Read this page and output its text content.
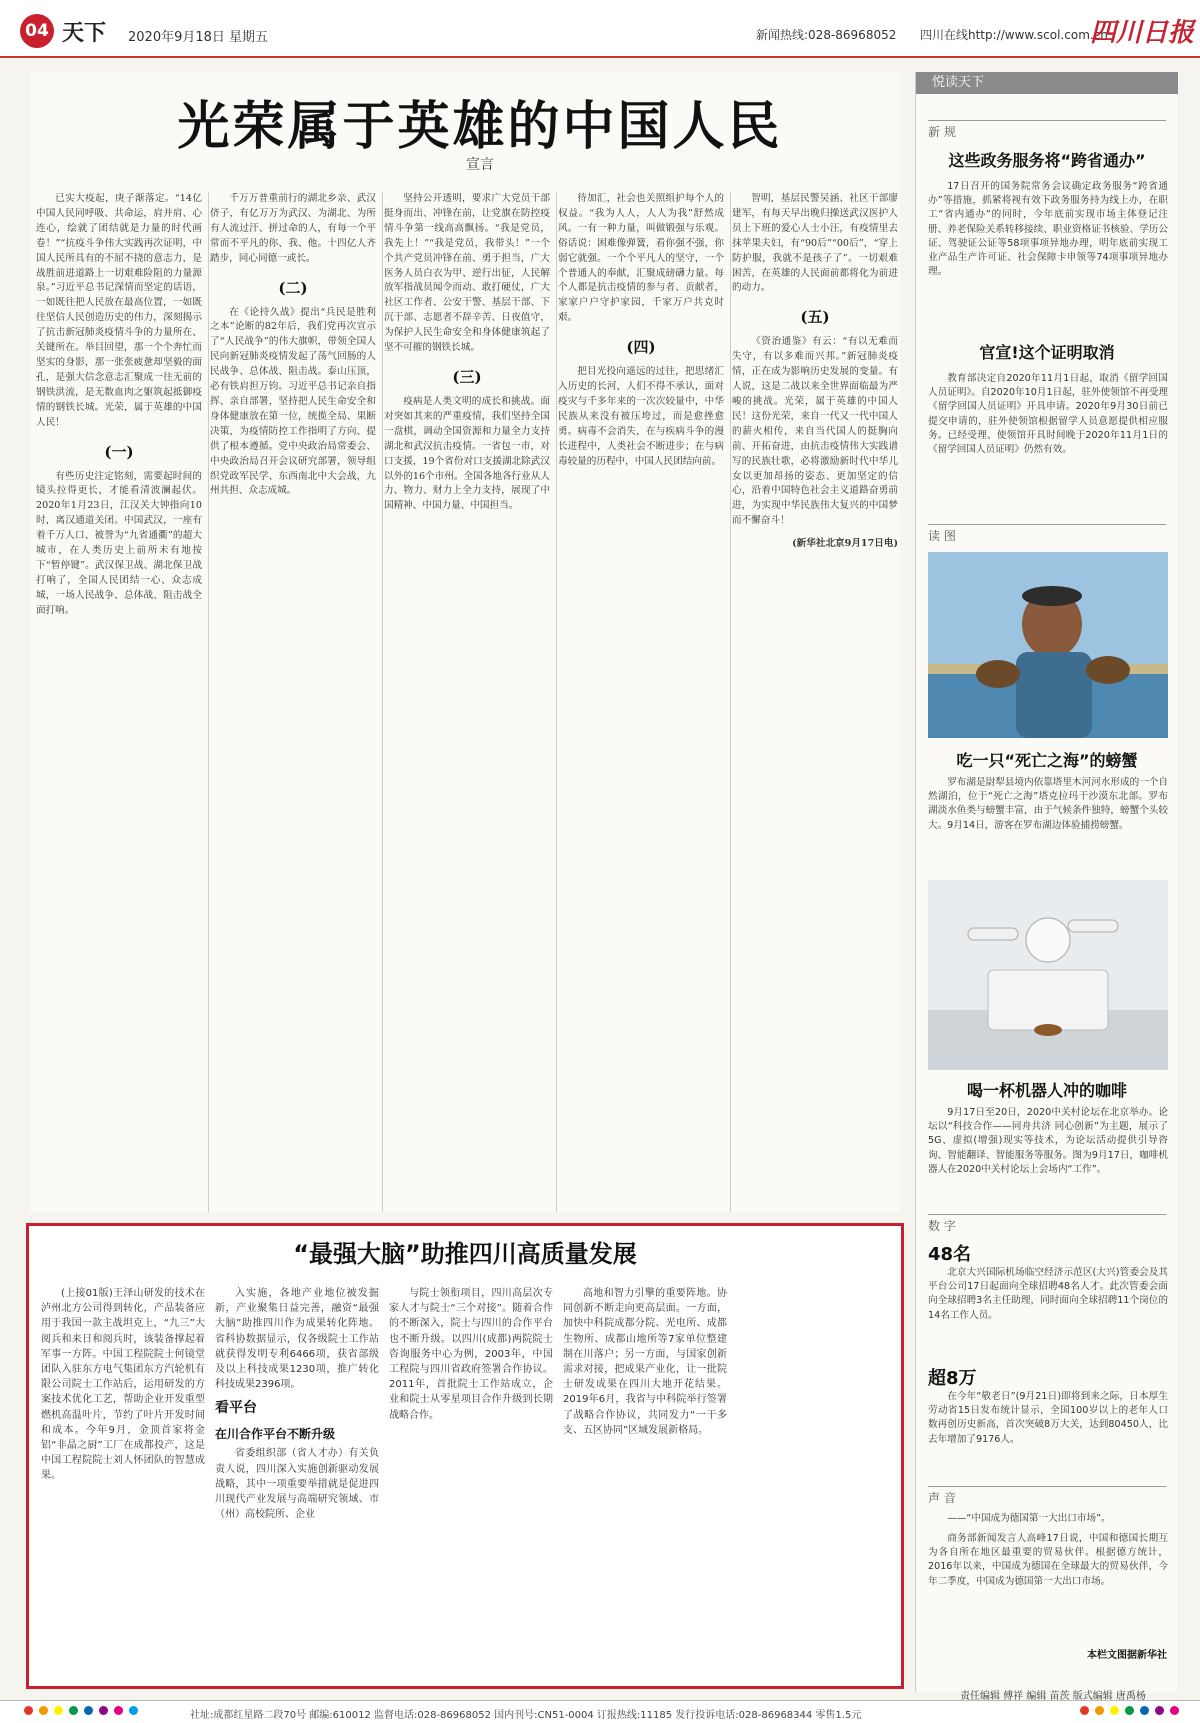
04 天下 2020年9月18日 星期五	新闻热线:028-86968052 四川在线http://www.scol.com.cn
四川日报
光荣属于英雄的中国人民
宣言

已实大疫起，庚子渐落定。“14亿中国人民同呼吸、共命运，肩并肩、心连心，绘就了团结就是力量的时代画卷！”“抗疫斗争伟大实践再次证明，中国人民所具有的不屈不挠的意志力，是战胜前进道路上一切艰难险阻的力量源泉。”习近平总书记深情而坚定的话语，一如既往把人民放在最高位置，一如既往坚信人民创造历史的伟力，深刻揭示了抗击新冠肺炎疫情斗争的力量所在、关键所在。举目回望，那一个个奔忙而坚实的身影，那一张张疲惫却坚毅的面孔，是强大信念意志汇聚成一往无前的钢铁洪流，是无数血肉之躯筑起抵御疫情的钢铁长城。光荣，属于英雄的中国人民！

(一)

有些历史注定铭刻，需要起时间的镜头拉得更长，才能看清波澜起伏。2020年1月23日，江汉关大钟指向10时，离汉通道关闭。中国武汉，一座有着千万人口、被誉为“九省通衢”的超大城市，在人类历史上前所未有地按下“暂停键”。武汉保卫战、湖北保卫战打响了，全国人民团结一心、众志成城，一场人民战争、总体战、阻击战全面打响。

千万万普重前行的湖北乡亲、武汉侪子，有亿万万为武汉、为湖北、为所有人流过汗、拼过命的人，有每一个平常而不平凡的你、我、他。十四亿人齐踏步，同心同德一或长。

(二)

在《论持久战》提出“兵民是胜利之本”论断的82年后，我们党再次宣示了“人民战争”的伟大旗帜，带领全国人民向新冠肺炎疫情发起了荡气回肠的人民战争、总体战、阻击战。泰山压顶，必有铁肩担万钧。习近平总书记亲自指挥、亲自部署，坚持把人民生命安全和身体健康放在第一位，统揽全局、果断决策，为疫情防控工作指明了方向、提供了根本遵循。党中央政治局常委会、中央政治局召开会议研究部署，领导组织党政军民学、东西南北中大会战，九州共担、众志成城。

坚持公开透明，要求广大党员干部挺身而出、冲锋在前，让党旗在防控疫情斗争第一线高高飘扬。“我是党员，我先上！”“我是党员，我带头！”一个个共产党员冲锋在前、勇于担当，广大医务人员白衣为甲、逆行出征，人民解放军指战员闻令而动、敢打硬仗，广大社区工作者、公安干警、基层干部、下沉干部、志愿者不辞辛苦、日夜值守，为保护人民生命安全和身体健康筑起了坚不可摧的钢铁长城。

(三)

疫病是人类文明的成长和挑战。面对突如其来的严重疫情，我们坚持全国一盘棋，调动全国资源和力量全力支持湖北和武汉抗击疫情。一省包一市，对口支援，19个省份对口支援湖北除武汉以外的16个市州。全国各地各行业从人力、物力、财力上全力支持，展现了中国精神、中国力量、中国担当。

待加汇，社会也关照组护每个人的权益。“我为人人，人人为我”舒然成风。一有一种力量，叫做锻强与乐观。俗话说：困难像弹簧，看你强不强，你弱它就强。一个个平凡人的坚守，一个个普通人的奉献，汇聚成磅礴力量。每个人都是抗击疫情的参与者、贡献者，家家户户守护家园，千家万户共克时艰。

(四)

把目光投向遥远的过往，把思绪汇入历史的长河，人们不得不承认，面对疫灾与千多年来的一次次较量中，中华民族从来没有被压垮过，而是愈挫愈勇。病毒不会消失，在与疾病斗争的漫长进程中，人类社会不断进步；在与病毒较量的历程中，中国人民团结向前。

智明，基层民警吴涵、社区干部廖建军，有每天早出晚归操送武汉医护人员上下班的爱心人士小汪，有疫情里去抹苹果夫妇，有“90后”“00后”，“穿上防护服，我就不是孩子了”。一切艰难困苦，在英雄的人民面前都将化为前进的动力。

(五)

《资治通鉴》有云：“有以无难而失守，有以多难而兴邦。”新冠肺炎疫情，正在成为影响历史发展的变量。有人说，这是二战以来全世界面临最为严峻的挑战。光荣，属于英雄的中国人民！这份光荣，来自一代又一代中国人的薪火相传，来自当代国人的挺胸向前、开拓奋进，由抗击疫情伟大实践谱写的民族壮歌，必将激励新时代中华儿女以更加昂扬的姿态、更加坚定的信心，沿着中国特色社会主义道路奋勇前进，为实现中华民族伟大复兴的中国梦而不懈奋斗！

(新华社北京9月17日电)
“最强大脑”助推四川高质量发展

(上接01版)王泽山研发的技术在泸州北方公司得到转化，产品装备应用于我国一款主战坦克上，“九三”大阅兵和来日和阅兵时，该装备撑起着军事一方阵。中国工程院院士何镜堂团队入驻东方电气集团东方汽轮机有限公司院士工作站后，运用研发的方案技术优化工艺，帮助企业开发重型燃机高温叶片，节约了叶片开发时间和成本。今年9月，金顶首家将金铝“非晶之厨”工厂在成都投产，这是中国工程院院士刘人怀团队的智慧成果。

入实施，各地产业地位被发掘新，产业聚集日益完善，融资“最强大脑”助推四川作为成果转化阵地。省科协数据显示，仅各级院士工作站就获得发明专利6466项，获省部级及以上科技成果1230项，推广转化科技成果2396项。

看平台
在川合作平台不断升级

省委组织部（省人才办）有关负责人说，四川深入实施创新驱动发展战略，其中一项重要举措就是促进四川现代产业发展与高端研究领域、市（州）高校院所、企业

与院士领衔项目，四川高层次专家人才与院士“三个对接”。随着合作的不断深入，院士与四川的合作平台也不断升级。以四川(成都)两院院士咨询服务中心为例，2003年，中国工程院与四川省政府签署合作协议。2011年，首批院士工作站成立，企业和院士从零星项目合作升级到长期战略合作。

高地和智力引擎的重要阵地。协同创新不断走向更高层面。一方面，加快中科院成都分院、光电所、成都生物所、成都山地所等7家单位整建制在川落户；另一方面，与国家创新需求对接，把成果产业化，让一批院士研发成果在四川大地开花结果。2019年6月，我省与中科院举行签署了战略合作协议，共同发力“一干多支、五区协同”区域发展新格局。

悦读天下
新 规
这些政务服务将“跨省通办”

17日召开的国务院常务会议确定政务服务“跨省通办”等措施，抓紧将视有效下政务服务持为线上办，在职工“省内通办”的同时，今年底前实现市场主体登记注册、养老保险关系转移接续、职业资格证书核验、学历公证、驾驶证公证等58项事项异地办理，明年底前实现工业产品生产许可证、社会保障卡申领等74项事项异地办理。

官宣!这个证明取消

教育部决定自2020年11月1日起，取消《留学回国人员证明》。自2020年10月1日起，驻外使领馆不再受理《留学回国人员证明》开具申请。2020年9月30日前已提交申请的，驻外使领馆根据留学人员意愿提供相应服务。已经受理、使领馆开具时间晚于2020年11月1日的《留学回国人员证明》仍然有效。

读 图
吃一只“死亡之海”的螃蟹

罗布湖是尉犁县境内依靠塔里木河河水形成的一个自然湖泊，位于“死亡之海”塔克拉玛干沙漠东北部。罗布湖淡水鱼类与螃蟹丰富，由于气候条件独特，螃蟹个头较大。9月14日，游客在罗布湖边体验捕捞螃蟹。

喝一杯机器人冲的咖啡

9月17日至20日，2020中关村论坛在北京举办。论坛以“科技合作——同舟共济 同心创新”为主题，展示了5G、虚拟(增强)现实等技术，为论坛活动提供引导咨询、智能翻译、智能服务等服务。图为9月17日，咖啡机器人在2020中关村论坛上会场内“工作”。

数 字
48名

北京大兴国际机场临空经济示范区(大兴)管委会及其平台公司17日起面向全球招聘48名人才。此次管委会面向全球招聘3名主任助理，同时面向全球招聘11个岗位的14名工作人员。

超8万

在今年“敬老日”(9月21日)即将到来之际，日本厚生劳动省15日发布统计显示，全国100岁以上的老年人口数再创历史新高，首次突破8万大关，达到80450人，比去年增加了9176人。

声 音

——“中国成为德国第一大出口市场”。

商务部新闻发言人高峰17日说，中国和德国长期互为各自所在地区最重要的贸易伙伴。根据德方统计，2016年以来，中国成为德国在全球最大的贸易伙伴，今年二季度，中国成为德国第一大出口市场。

本栏文图据新华社
责任编辑 傅祥 编辑 苗茨 版式编辑 唐禹杨
社址:成都红星路二段70号 邮编:610012 监督电话:028-86968052 国内刊号:CN51-0004 订报热线:11185 发行投诉电话:028-86968344 零售1.5元
